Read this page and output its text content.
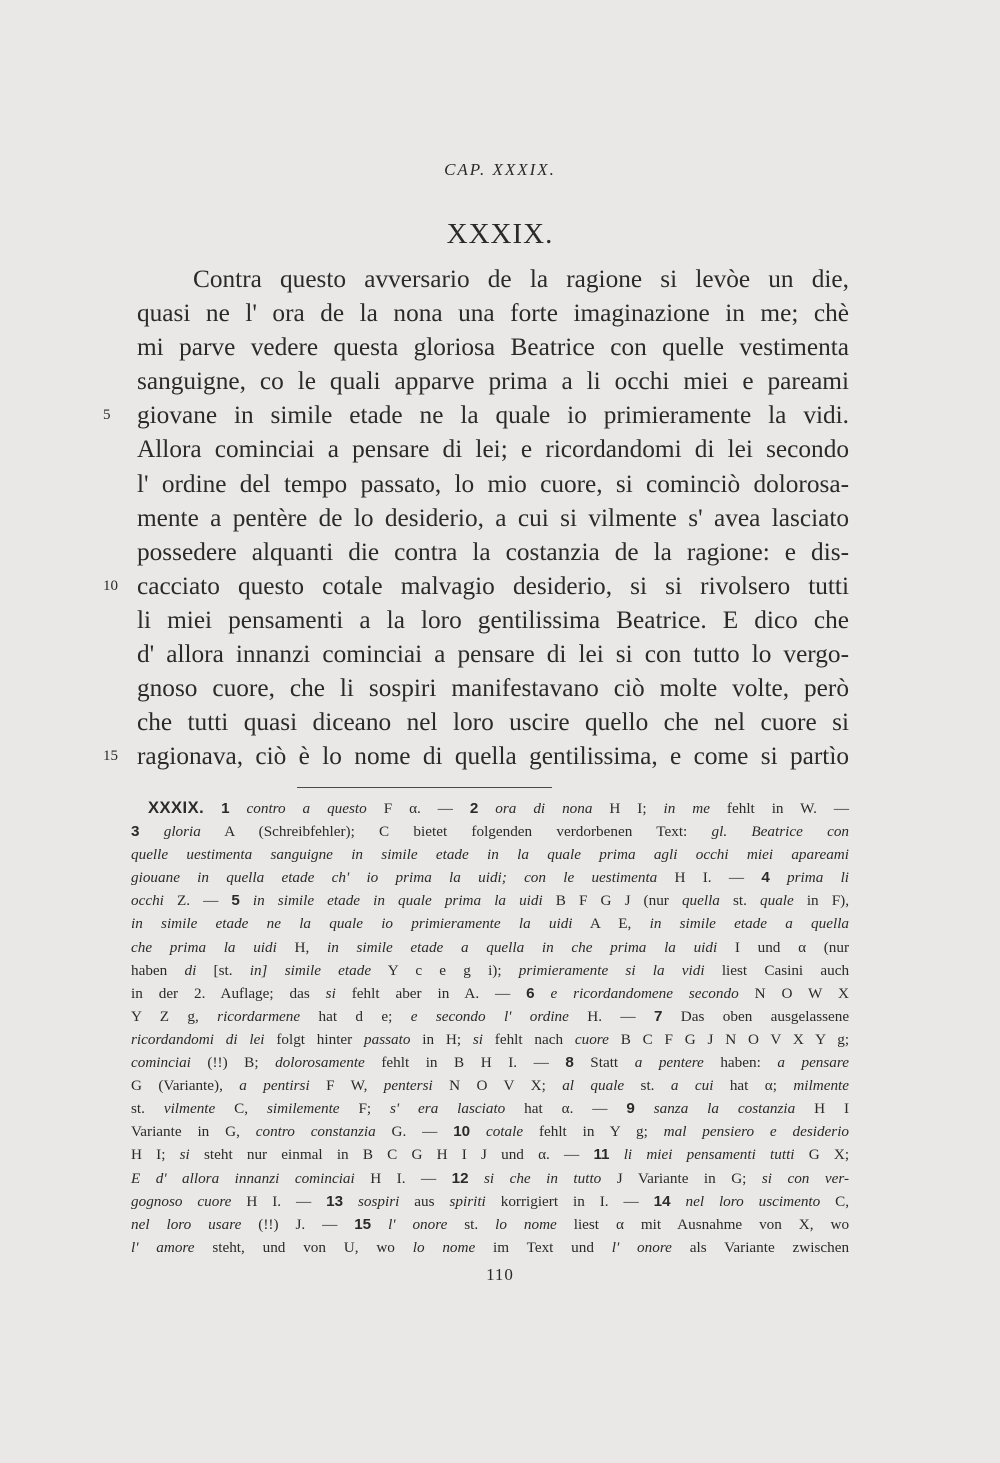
CAP. XXXIX.
XXXIX.
Contra questo avversario de la ragione si levòe un die,
quasi ne l' ora de la nona una forte imaginazione in me; chè
mi parve vedere questa gloriosa Beatrice con quelle vestimenta
sanguigne, co le quali apparve prima a li occhi miei e pareami
5	giovane in simile etade ne la quale io primieramente la vidi.
Allora cominciai a pensare di lei; e ricordandomi di lei secondo
l' ordine del tempo passato, lo mio cuore, si cominciò dolorosa-
mente a pentère de lo desiderio, a cui si vilmente s' avea lasciato
possedere alquanti die contra la costanzia de la ragione: e dis-
10 cacciato questo cotale malvagio desiderio, si si rivolsero tutti
li miei pensamenti a la loro gentilissima Beatrice. E dico che
d' allora innanzi cominciai a pensare di lei si con tutto lo vergo-
gnoso cuore, che li sospiri manifestavano ciò molte volte, però
che tutti quasi diceano nel loro uscire quello che nel cuore si
15 ragionava, ciò è lo nome di quella gentilissima, e come si partìo
XXXIX. 1 contro a questo F α. — 2 ora di nona H I; in me fehlt in W. —
3 gloria A (Schreibfehler); C bietet folgenden verdorbenen Text: gl. Beatrice con
quelle uestimenta sanguigne in simile etade in la quale prima agli occhi miei apareami
giouane in quella etade ch' io prima la uidi; con le uestimenta H I. — 4 prima li
occhi Z. — 5 in simile etade in quale prima la uidi B F G J (nur quella st. quale in F),
in simile etade ne la quale io primieramente la uidi A E, in simile etade a quella
che prima la uidi H, in simile etade a quella in che prima la uidi I und α (nur
haben di [st. in] simile etade Y c e g i); primieramente si la vidi liest Casini auch
in der 2. Auflage; das si fehlt aber in A. — 6 e ricordandomene secondo N O W X
Y Z g, ricordarmene hat d e; e secondo l' ordine H. — 7 Das oben ausgelassene
ricordandomi di lei folgt hinter passato in H; si fehlt nach cuore B C F G J N O V X Y g;
cominciai (!!) B; dolorosamente fehlt in B H I. — 8 Statt a pentere haben: a pensare
G (Variante), a pentirsi F W, pentersi N O V X; al quale st. a cui hat α; milmente
st. vilmente C, similemente F; s' era lasciato hat α. — 9 sanza la costanzia H I
Variante in G, contro constanzia G. — 10 cotale fehlt in Y g; mal pensiero e desiderio
H I; si steht nur einmal in B C G H I J und α. — 11 li miei pensamenti tutti G X;
E d' allora innanzi cominciai H I. — 12 si che in tutto J Variante in G; si con ver-
gognoso cuore H I. — 13 sospiri aus spiriti korrigiert in I. — 14 nel loro uscimento C,
nel loro usare (!!) J. — 15 l' onore st. lo nome liest α mit Ausnahme von X, wo
l' amore steht, und von U, wo lo nome im Text und l' onore als Variante zwischen
110
